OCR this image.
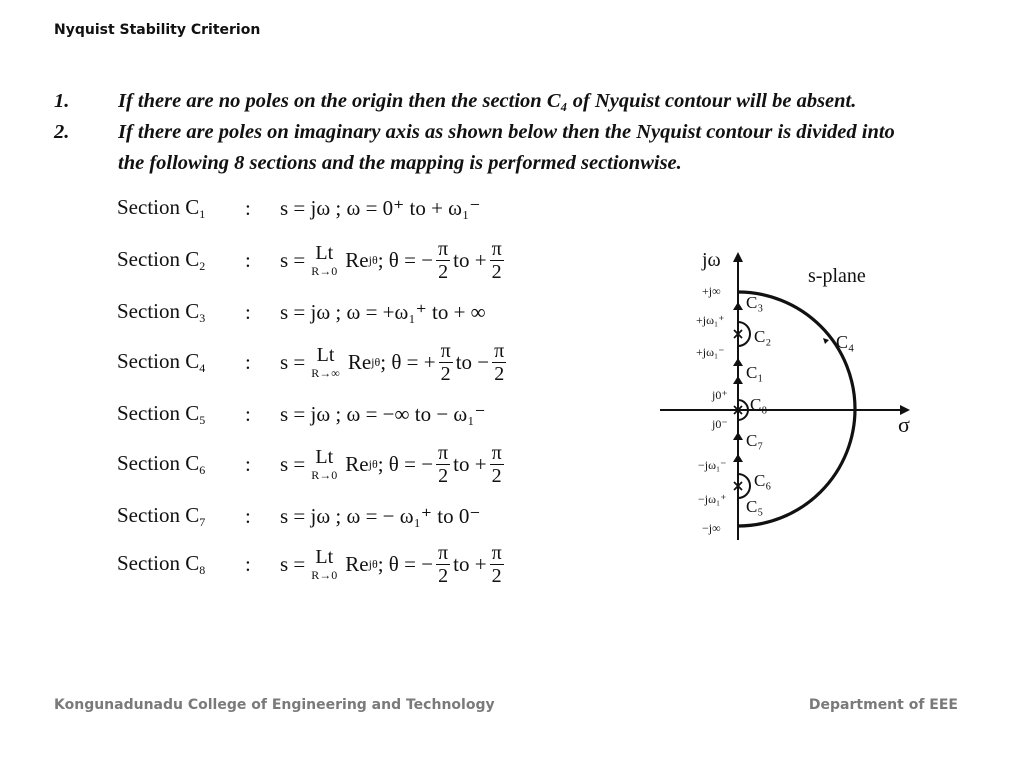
Nyquist Stability Criterion
1.	If there are no poles on the origin then the section C₄ of Nyquist contour will be absent.
2.	If there are poles on imaginary axis as shown below then the Nyquist contour is divided into
the following 8 sections and the mapping is performed sectionwise.
Section $C_1$	:	s = jω ; ω = 0⁺ to + ω₁⁻
Section $C_2$	:	s = Lt
R→0 Re jθ ; θ = − $\frac{\pi}{2}$ to + $\frac{\pi}{2}$
Section $C_3$	:	s = jω ; ω = +ω₁⁺ to + ∞
Section $C_4$	:	s = Lt
R→∞ Re jθ ; θ = + $\frac{\pi}{2}$ to − $\frac{\pi}{2}$
Section $C_5$	:	s = jω ; ω = −∞ to − ω₁⁻
Section $C_6$	:	s = Lt
R→0 Re jθ ; θ = − $\frac{\pi}{2}$ to + $\frac{\pi}{2}$
Section $C_7$	:	s = jω ; ω = − ω₁⁺ to 0⁻
Section $C_8$	:	s = Lt
R→0 Re jθ ; θ = − $\frac{\pi}{2}$ to + $\frac{\pi}{2}$
jω
σ
s-plane
+j∞
+jω₁⁺
+jω₁⁻
j0⁺
j0⁻
−jω₁⁻
−jω₁⁺
−j∞
C₃
C₂
C₁
C₈
C₇
C₆
C₅
C₄
Kongunadunadu College of Engineering and Technology	Department of EEE
